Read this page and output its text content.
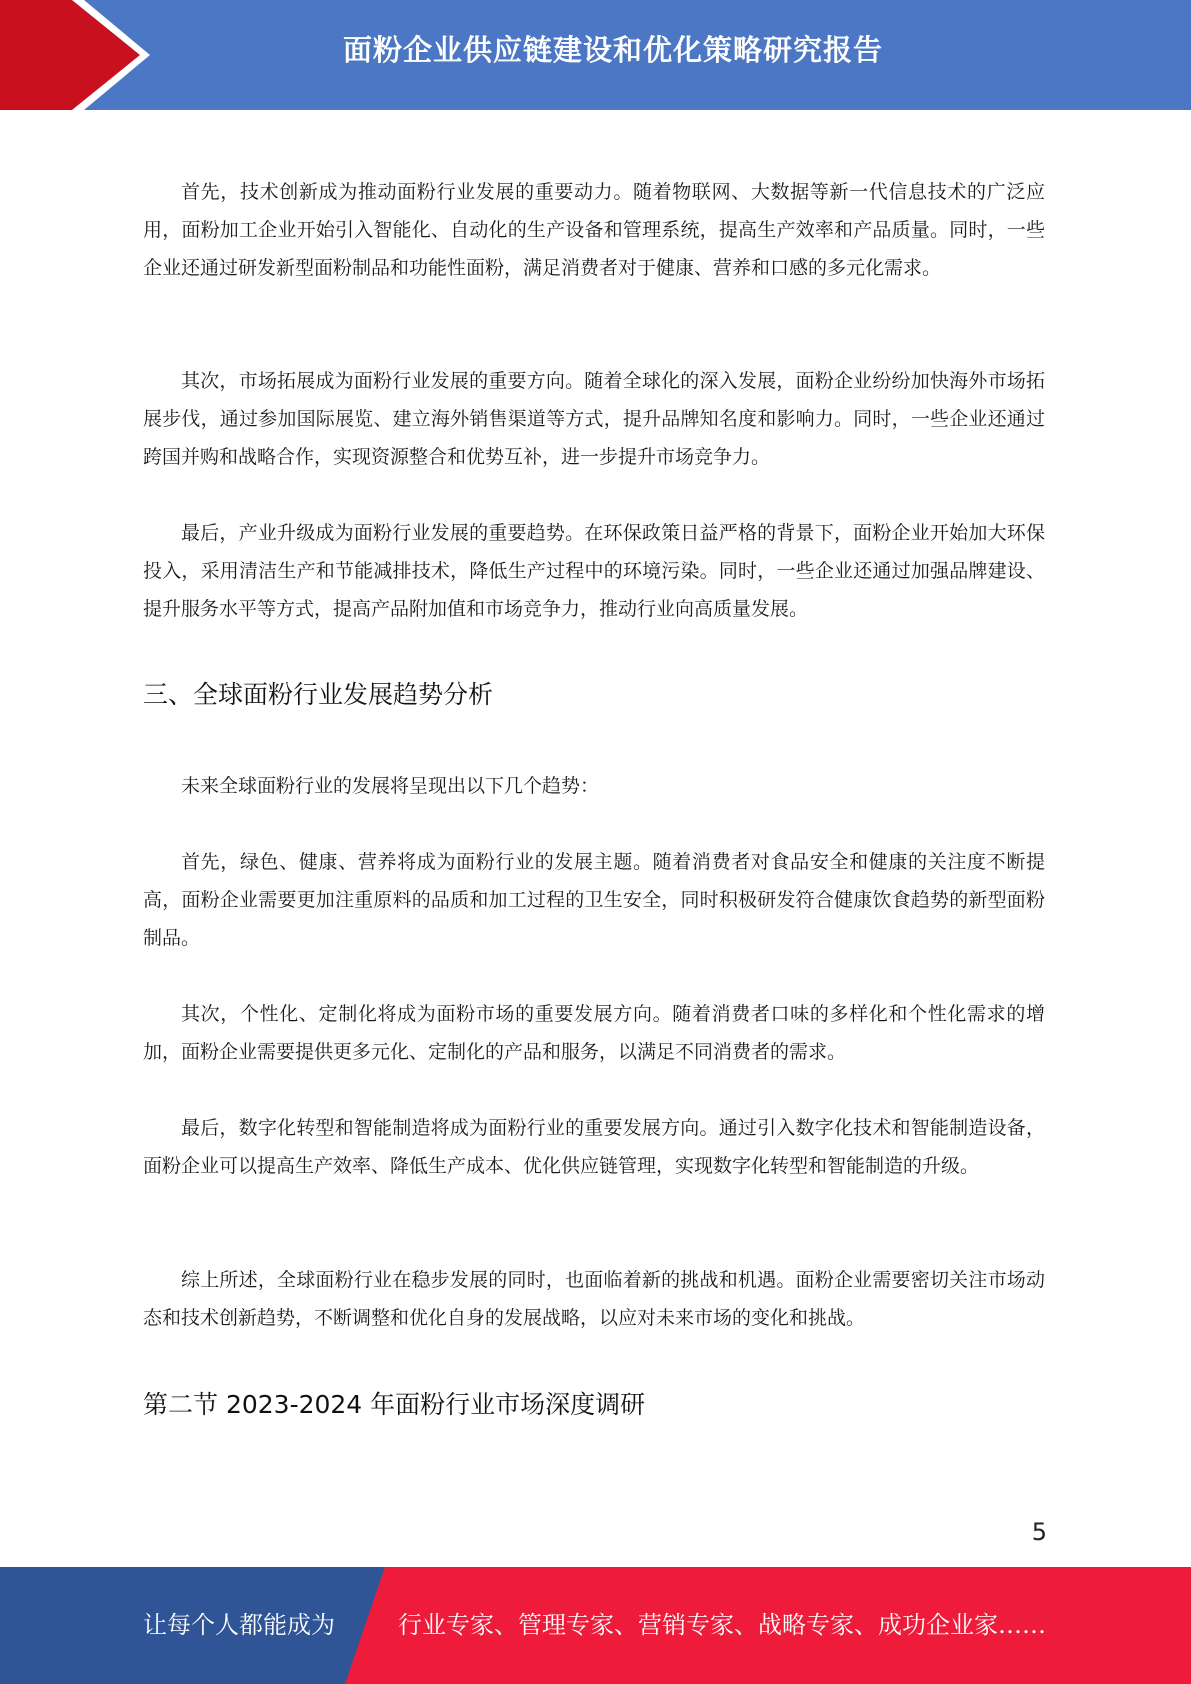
面粉企业供应链建设和优化策略研究报告

首先，技术创新成为推动面粉行业发展的重要动力。随着物联网、大数据等新一代信息技术的广泛应用，面粉加工企业开始引入智能化、自动化的生产设备和管理系统，提高生产效率和产品质量。同时，一些企业还通过研发新型面粉制品和功能性面粉，满足消费者对于健康、营养和口感的多元化需求。

其次，市场拓展成为面粉行业发展的重要方向。随着全球化的深入发展，面粉企业纷纷加快海外市场拓展步伐，通过参加国际展览、建立海外销售渠道等方式，提升品牌知名度和影响力。同时，一些企业还通过跨国并购和战略合作，实现资源整合和优势互补，进一步提升市场竞争力。

最后，产业升级成为面粉行业发展的重要趋势。在环保政策日益严格的背景下，面粉企业开始加大环保投入，采用清洁生产和节能减排技术，降低生产过程中的环境污染。同时，一些企业还通过加强品牌建设、提升服务水平等方式，提高产品附加值和市场竞争力，推动行业向高质量发展。

三、全球面粉行业发展趋势分析

未来全球面粉行业的发展将呈现出以下几个趋势：

首先，绿色、健康、营养将成为面粉行业的发展主题。随着消费者对食品安全和健康的关注度不断提高，面粉企业需要更加注重原料的品质和加工过程的卫生安全，同时积极研发符合健康饮食趋势的新型面粉制品。

其次，个性化、定制化将成为面粉市场的重要发展方向。随着消费者口味的多样化和个性化需求的增加，面粉企业需要提供更多元化、定制化的产品和服务，以满足不同消费者的需求。

最后，数字化转型和智能制造将成为面粉行业的重要发展方向。通过引入数字化技术和智能制造设备，面粉企业可以提高生产效率、降低生产成本、优化供应链管理，实现数字化转型和智能制造的升级。

综上所述，全球面粉行业在稳步发展的同时，也面临着新的挑战和机遇。面粉企业需要密切关注市场动态和技术创新趋势，不断调整和优化自身的发展战略，以应对未来市场的变化和挑战。

第二节 2023-2024 年面粉行业市场深度调研
5
让每个人都能成为	行业专家、管理专家、营销专家、战略专家、成功企业家……
